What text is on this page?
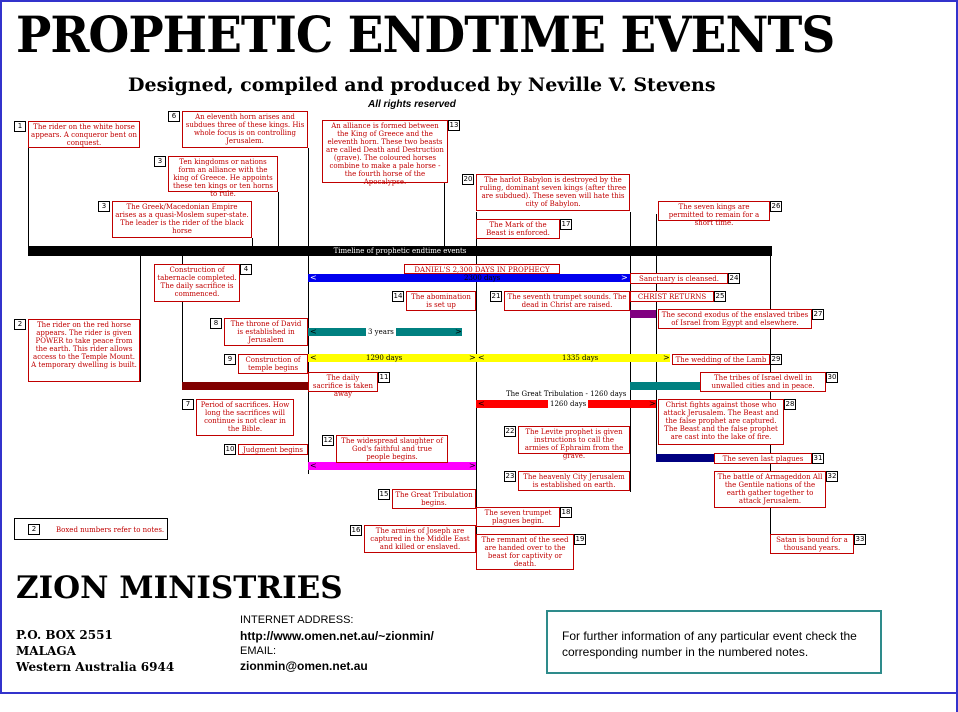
PROPHETIC ENDTIME EVENTS
Designed, compiled and produced by Neville V. Stevens
All rights reserved
Timeline of prophetic endtime events
DANIEL'S 2,300 DAYS IN PROPHECY
2300 days
3 years
1290 days	1335 days
The Great Tribulation - 1260 days
1260 days
<	>
<	>
<	> <	>
<	>
<	>
1	The rider on the white horse appears. A conqueror bent on conquest.
2	The rider on the red horse appears. The rider is given POWER to take peace from the earth. This rider allows access to the Temple Mount. A temporary dwelling is built.
3	The Greek/Macedonian Empire arises as a quasi-Moslem super-state. The leader is the rider of the black horse
4
Construction of tabernacle completed. The daily sacrifice is commenced.
3	Ten kingdoms or nations form an alliance with the king of Greece. He appoints these ten kings or ten horns to rule.
6	An eleventh horn arises and subdues three of these kings. His whole focus is on controlling Jerusalem.
7	Period of sacrifices. How long the sacrifices will continue is not clear in the Bible.
8	The throne of David is established in Jerusalem
9	Construction of temple begins
10	Judgment begins
11
The daily sacrifice is taken away
12	The widespread slaughter of God's faithful and true people begins.
13
An alliance is formed between the King of Greece and the eleventh horn. These two beasts are called Death and Destruction (grave). The coloured horses combine to make a pale horse - the fourth horse of the Apocalypse.
14	The abomination is set up
15 The Great Tribulation begins.
16	The armies of Joseph are captured in the Middle East and killed or enslaved.
17
The Mark of the Beast is enforced.
18
The seven trumpet plagues begin.
19
The remnant of the seed are handed over to the beast for captivity or death.
20	The harlot Babylon is destroyed by the ruling, dominant seven kings (after three are subdued). These seven will hate this city of Babylon.
21	The seventh trumpet sounds. The dead in Christ are raised.
22	The Levite prophet is given instructions to call the armies of Ephraim from the grave.
23	The heavenly City Jerusalem is established on earth.
24
Sanctuary is cleansed.
25
CHRIST RETURNS
26
The seven kings are permitted to remain for a short time.
27
The second exodus of the enslaved tribes of Israel from Egypt and elsewhere.
28
Christ fights against those who attack Jerusalem. The Beast and the false prophet are captured. The Beast and the false prophet are cast into the lake of fire.
29
The wedding of the Lamb
30
The tribes of Israel dwell in unwalled cities and in peace.
31
The seven last plagues
32
The battle of Armageddon All the Gentile nations of the earth gather together to attack Jerusalem.
33
Satan is bound for a thousand years.
2	Boxed numbers refer to notes.
ZION MINISTRIES
P.O. BOX 2551
MALAGA
Western Australia 6944
INTERNET ADDRESS:
http://www.omen.net.au/~zionmin/
EMAIL:
zionmin@omen.net.au
For further information of any particular event check the corresponding number in the numbered notes.
